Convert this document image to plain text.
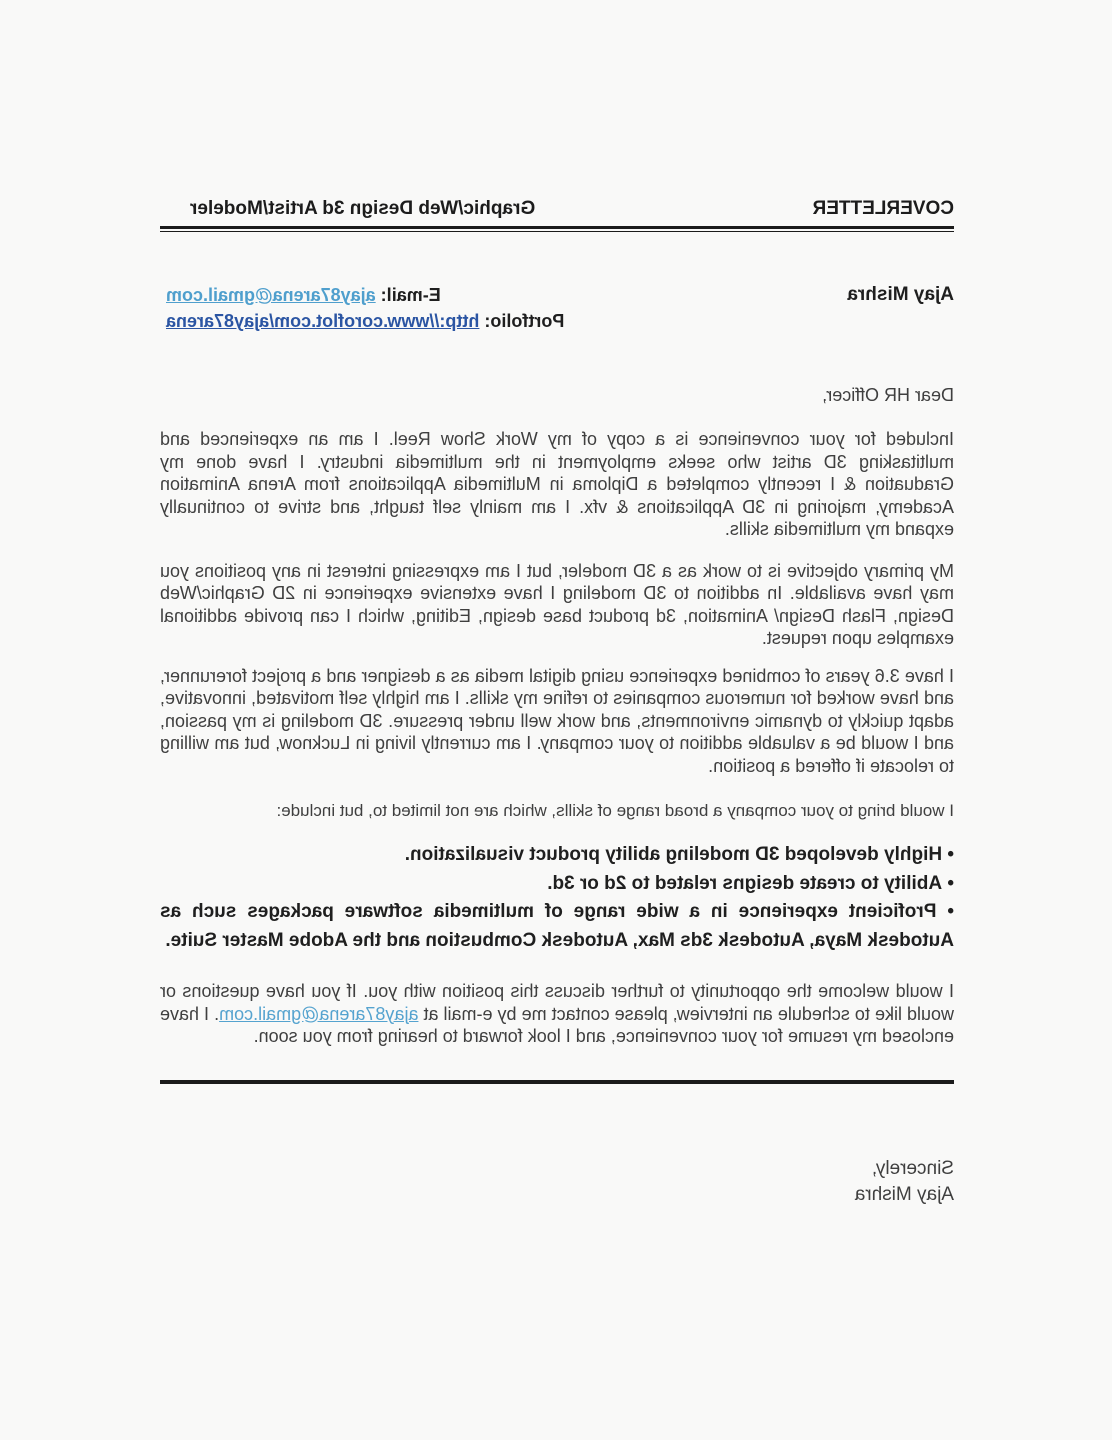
COVERLETTER
Graphic/Web Design 3d Artist/Modeler
Ajay Mishra
E-mail: ajay87arena@gmail.com
Portfolio: http://www.coroflot.com/ajay87arena
Dear HR Officer,
Included for your convenience is a copy of my Work Show Reel. I am an experienced and multitasking 3D artist who seeks employment in the multimedia industry. I have done my Graduation & I recently completed a Diploma in Multimedia Applications from Arena Animation Academy, majoring in 3D Applications & vfx. I am mainly self taught, and strive to continually expand my multimedia skills.
My primary objective is to work as a 3D modeler, but I am expressing interest in any positions you may have available. In addition to 3D modeling I have extensive experience in 2D Graphic/Web Design, Flash Design/ Animation, 3d product base design, Editing, which I can provide additional examples upon request.
I have 3.6 years of combined experience using digital media as a designer and a project forerunner, and have worked for numerous companies to refine my skills. I am highly self motivated, innovative, adapt quickly to dynamic environments, and work well under pressure. 3D modeling is my passion, and I would be a valuable addition to your company. I am currently living in Lucknow, but am willing to relocate if offered a position.
I would bring to your company a broad range of skills, which are not limited to, but include:
• Highly developed 3D modeling ability product visualization.
• Ability to create designs related to 2d or 3d.
• Proficient experience in a wide range of multimedia software packages such as Autodesk Maya, Autodesk 3ds Max, Autodesk Combustion and the Adobe Master Suite.
I would welcome the opportunity to further discuss this position with you. If you have questions or would like to schedule an interview, please contact me by e-mail at ajay87arena@gmail.com. I have enclosed my resume for your convenience, and I look forward to hearing from you soon.
Sincerely,
Ajay Mishra
